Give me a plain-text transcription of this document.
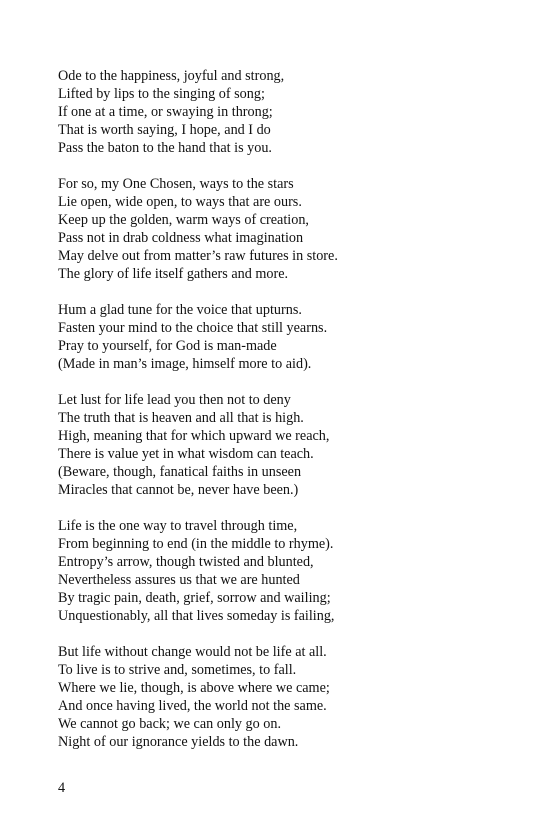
Ode to the happiness, joyful and strong,
Lifted by lips to the singing of song;
If one at a time, or swaying in throng;
That is worth saying, I hope, and I do
Pass the baton to the hand that is you.
For so, my One Chosen, ways to the stars
Lie open, wide open, to ways that are ours.
Keep up the golden, warm ways of creation,
Pass not in drab coldness what imagination
May delve out from matter’s raw futures in store.
The glory of life itself gathers and more.
Hum a glad tune for the voice that upturns.
Fasten your mind to the choice that still yearns.
Pray to yourself, for God is man-made
(Made in man’s image, himself more to aid).
Let lust for life lead you then not to deny
The truth that is heaven and all that is high.
High, meaning that for which upward we reach,
There is value yet in what wisdom can teach.
(Beware, though, fanatical faiths in unseen
Miracles that cannot be, never have been.)
Life is the one way to travel through time,
From beginning to end (in the middle to rhyme).
Entropy’s arrow, though twisted and blunted,
Nevertheless assures us that we are hunted
By tragic pain, death, grief, sorrow and wailing;
Unquestionably, all that lives someday is failing,
But life without change would not be life at all.
To live is to strive and, sometimes, to fall.
Where we lie, though, is above where we came;
And once having lived, the world not the same.
We cannot go back; we can only go on.
Night of our ignorance yields to the dawn.
4
